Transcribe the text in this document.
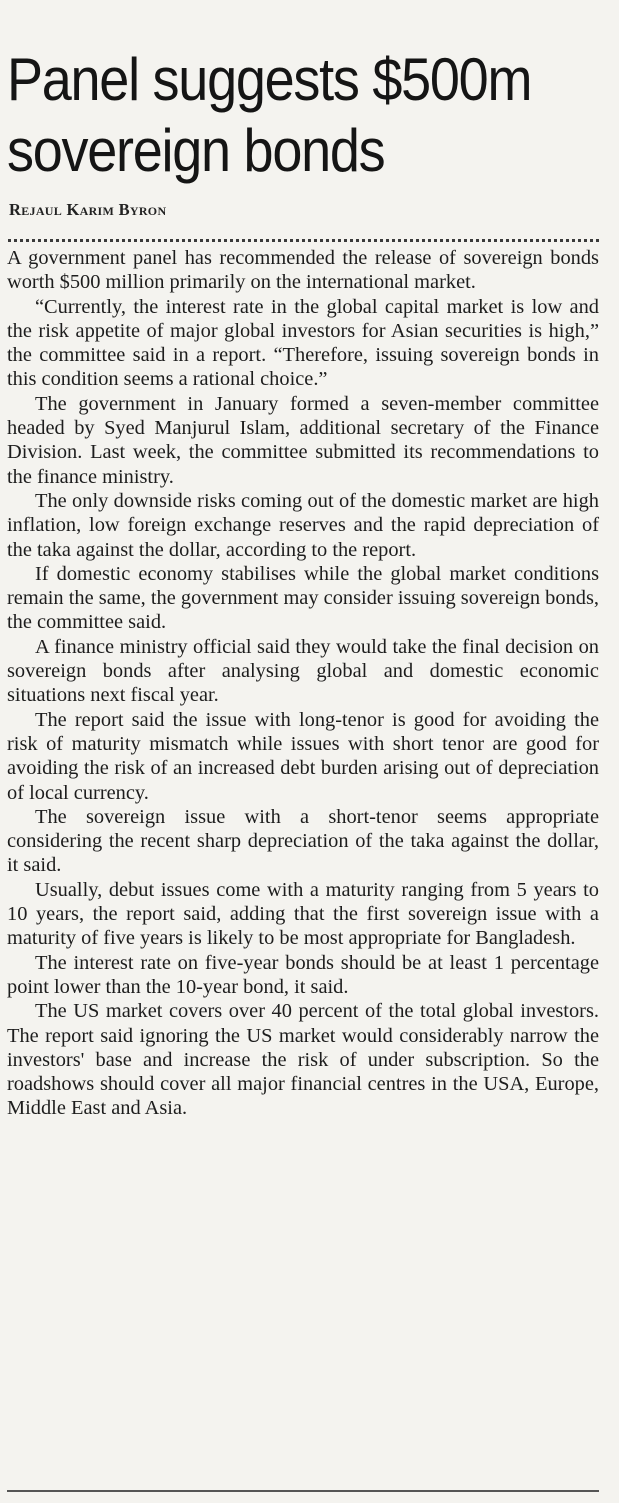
Panel suggests $500m
sovereign bonds
Rejaul Karim Byron

A government panel has recommended the release of sovereign bonds worth $500 million primarily on the international market.

“Currently, the interest rate in the global capital market is low and the risk appetite of major global investors for Asian securities is high,” the committee said in a report. “Therefore, issuing sovereign bonds in this condition seems a rational choice.”

The government in January formed a seven-member committee headed by Syed Manjurul Islam, additional secretary of the Finance Division. Last week, the committee submitted its recommendations to the finance ministry.

The only downside risks coming out of the domestic market are high inflation, low foreign exchange reserves and the rapid depreciation of the taka against the dollar, according to the report.

If domestic economy stabilises while the global market conditions remain the same, the government may consider issuing sovereign bonds, the committee said.

A finance ministry official said they would take the final decision on sovereign bonds after analysing global and domestic economic situations next fiscal year.

The report said the issue with long-tenor is good for avoiding the risk of maturity mismatch while issues with short tenor are good for avoiding the risk of an increased debt burden arising out of depreciation of local currency.

The sovereign issue with a short-tenor seems appropriate considering the recent sharp depreciation of the taka against the dollar, it said.

Usually, debut issues come with a maturity ranging from 5 years to 10 years, the report said, adding that the first sovereign issue with a maturity of five years is likely to be most appropriate for Bangladesh.

The interest rate on five-year bonds should be at least 1 percentage point lower than the 10-year bond, it said.

The US market covers over 40 percent of the total global investors. The report said ignoring the US market would considerably narrow the investors' base and increase the risk of under subscription. So the roadshows should cover all major financial centres in the USA, Europe, Middle East and Asia.
